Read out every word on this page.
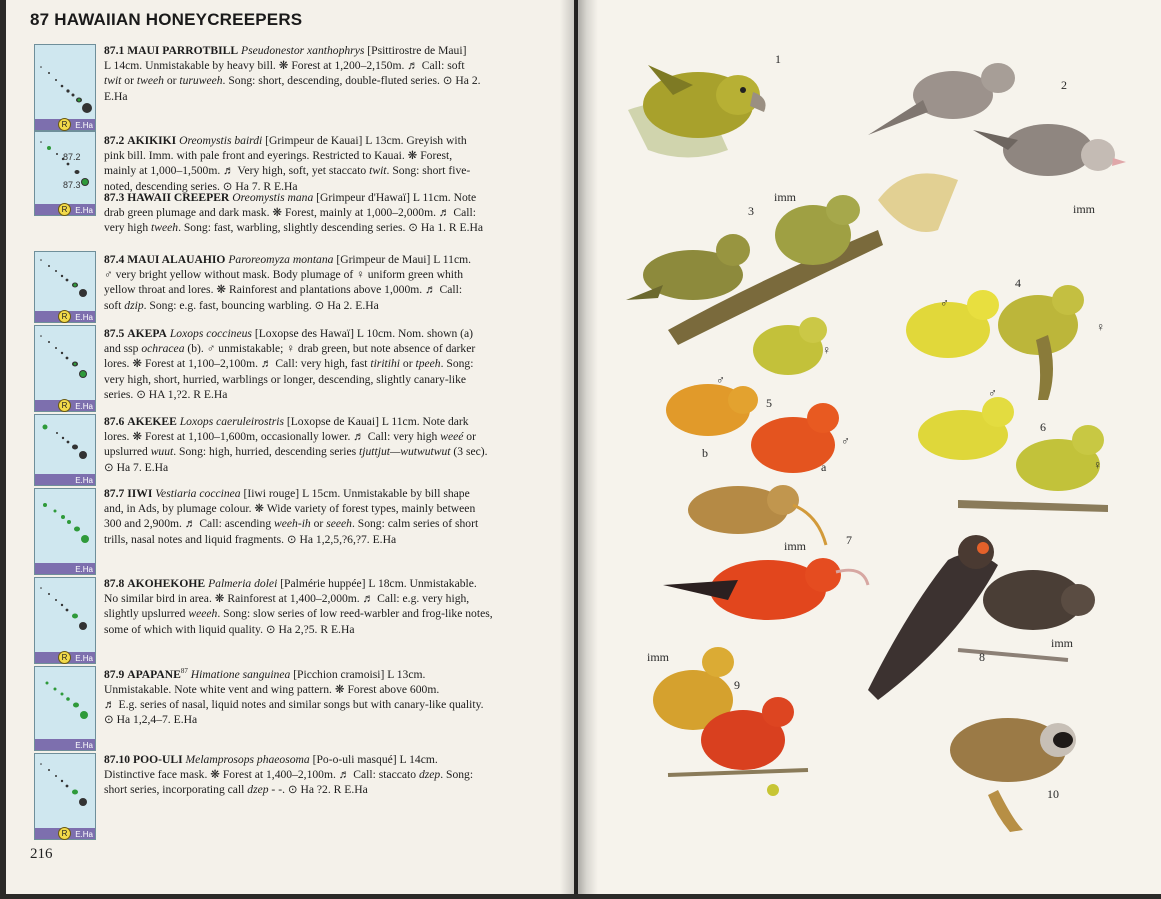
87 HAWAIIAN HONEYCREEPERS
R E.Ha
87.2
87.3
R E.Ha
R E.Ha
R E.Ha
E.Ha
E.Ha
R E.Ha
E.Ha
R E.Ha
87.1 MAUI PARROTBILL Pseudonestor xanthophrys [Psittirostre de Maui]
L 14cm. Unmistakable by heavy bill. ❋ Forest at 1,200–2,150m. ♬ Call: soft
twit or tweeh or turuweeh. Song: short, descending, double-fluted series. ⊙ Ha 2.
E.Ha
87.2 AKIKIKI Oreomystis bairdi [Grimpeur de Kauai] L 13cm. Greyish with
pink bill. Imm. with pale front and eyerings. Restricted to Kauai. ❋ Forest,
mainly at 1,000–1,500m. ♬ Very high, soft, yet staccato twit. Song: short five-
noted, descending series. ⊙ Ha 7. R E.Ha
87.3 HAWAII CREEPER Oreomystis mana [Grimpeur d'Hawaï] L 11cm. Note
drab green plumage and dark mask. ❋ Forest, mainly at 1,000–2,000m. ♬ Call:
very high tweeh. Song: fast, warbling, slightly descending series. ⊙ Ha 1. R E.Ha
87.4 MAUI ALAUAHIO Paroreomyza montana [Grimpeur de Maui] L 11cm.
♂ very bright yellow without mask. Body plumage of ♀ uniform green whith
yellow throat and lores. ❋ Rainforest and plantations above 1,000m. ♬ Call:
soft dzip. Song: e.g. fast, bouncing warbling. ⊙ Ha 2. E.Ha
87.5 AKEPA Loxops coccineus [Loxopse des Hawaï] L 10cm. Nom. shown (a)
and ssp ochracea (b). ♂ unmistakable; ♀ drab green, but note absence of darker
lores. ❋ Forest at 1,100–2,100m. ♬ Call: very high, fast tiritihi or tpeeh. Song:
very high, short, hurried, warblings or longer, descending, slightly canary-like
series. ⊙ HA 1,?2. R E.Ha
87.6 AKEKEE Loxops caeruleirostris [Loxopse de Kauai] L 11cm. Note dark
lores. ❋ Forest at 1,100–1,600m, occasionally lower. ♬ Call: very high weeé or
upslurred wuut. Song: high, hurried, descending series tjuttjut—wutwutwut (3 sec).
⊙ Ha 7. E.Ha
87.7 IIWI Vestiaria coccinea [Iiwi rouge] L 15cm. Unmistakable by bill shape
and, in Ads, by plumage colour. ❋ Wide variety of forest types, mainly between
300 and 2,900m. ♬ Call: ascending weeh-ih or seeeh. Song: calm series of short
trills, nasal notes and liquid fragments. ⊙ Ha 1,2,5,?6,?7. E.Ha
87.8 AKOHEKOHE Palmeria dolei [Palmérie huppée] L 18cm. Unmistakable.
No similar bird in area. ❋ Rainforest at 1,400–2,000m. ♬ Call: e.g. very high,
slightly upslurred weeeh. Song: slow series of low reed-warbler and frog-like notes,
some of which with liquid quality. ⊙ Ha 2,?5. R E.Ha
87.9 APAPANE$^{87}$ Himatione sanguinea [Picchion cramoisi] L 13cm.
Unmistakable. Note white vent and wing pattern. ❋ Forest above 600m.
♬ E.g. series of nasal, liquid notes and similar songs but with canary-like quality.
⊙ Ha 1,2,4–7. E.Ha
87.10 POO-ULI Melamprosops phaeosoma [Po-o-uli masqué] L 14cm.
Distinctive face mask. ❋ Forest at 1,400–2,100m. ♬ Call: staccato dzep. Song:
short series, incorporating call dzep - -. ⊙ Ha ?2. R E.Ha
216
1
2
imm
imm
3
4
♂
♀
♀
♂
5
♂
6
♂
♀
b
a
imm	7
imm
imm	8
9
10
